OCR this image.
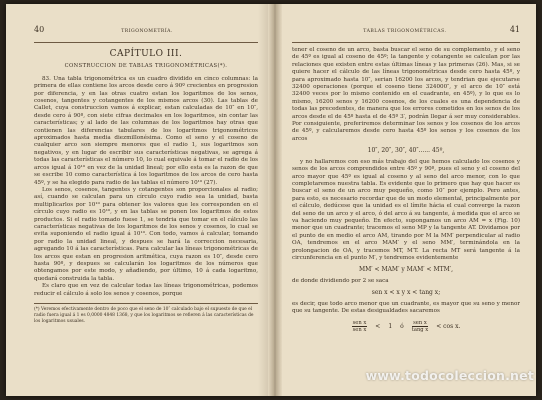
40	TRIGONOMETRÍA.
CAPÍTULO III.
CONSTRUCCION DE TABLAS TRIGONOMÉTRICAS(*).

83. Una tabla trigonométrica es un cuadro dividido en cinco columnas: la primera de ellas contiene los arcos desde cero á 90º crecientes en progresion por diferencia, y en las otras cuatro estan los logaritmos de los senos, cosenos, tangentes y cotangentes de los mismos arcos (30). Las tablas de Callet, cuya construccion vamos á explicar, estan calculadas de 10″ en 10″, desde cero á 90º, con siete cifras decimales en los logaritmos, sin contar las características; y al lado de las columnas de los logaritmos hay otras que contienen las diferencias tabulares de los logaritmos trigonométricos aproximados hasta media diezmillonésima. Como el seno y el coseno de cualquier arco son siempre menores que el radio 1, sus logaritmos son negativos, y en lugar de escribir sus características negativas, se agrega á todas las características el número 10, lo cual equivale á tomar el radio de los arcos igual á 10¹⁰ en vez de la unidad lineal; por ello esta es la razon de que se escribe 10 como característica á los logaritmos de los arcos de cero hasta 45º, y se ha elegido para radio de las tablas el número 10¹⁰ (27).

Los senos, cosenos, tangentes y cotangentes son proporcionales al radio; así, cuando se calculan para un círculo cuyo radio sea la unidad, basta multiplicarlos por 10¹⁰ para obtener los valores que les corresponden en el círculo cuyo radio es 10¹⁰, y en las tablas se ponen los logaritmos de estos productos. Si el radio tomado fuese 1, se tendria que tomar en el cálculo las características negativas de los logaritmos de los senos y cosenos, lo cual se evita suponiendo el radio igual á 10¹⁰. Con todo, vamos á calcular, tomando por radio la unidad lineal, y despues se hará la correccion necesaria, agregando 10 á las características. Para calcular las líneas trigonométricas de los arcos que estan en progresion aritmética, cuya razon es 10″, desde cero hasta 90º, y despues se calcularán los logaritmos de los números que obtengamos por este modo, y añadiendo, por último, 10 á cada logaritmo, quedará construida la tabla.

Es claro que en vez de calcular todas las líneas trigonométricas, podemos reducir el cálculo á solo los senos y cosenos, porque

(*) Veremos efectivamente dentro de poco que el seno de 10″ calculado bajo el supuesto de que el radio fuera igual á 1 es 0,0000 4848 1368, y que los logaritmos se refieren á las características de los logaritmos usuales.
TABLAS TRIGONOMÉTRICAS.	41

tener el coseno de un arco, basta buscar el seno de su complemento, y el seno de 45º es igual al coseno de 45º; la tangente y cotangente se calculan por las relaciones que existen entre estas últimas líneas y las primeras (26). Mas, si se quiere hacer el cálculo de las líneas trigonométricas desde cero hasta 45º, y para aproximado hasta 10″, serian 16200 los arcos, y tendrian que ejecutarse 32400 operaciones (porque el coseno tiene 324000″, y el arco de 10″ está 32400 veces por lo mismo contenido en el cuadrante, en 45º), y lo que es lo mismo, 16200 senos y 16200 cosenos, de los cuales es una dependencia de todas las precedentes, de manera que los errores cometidos en los senos de los arcos desde el de 45º hasta el de 45º 3′, podrán llegar á ser muy considerables. Por consiguiente, preferiremos determinar los senos y los cosenos de los arcos de 45º, y calcularemos desde cero hasta 45º los senos y los cosenos de los arcos

10″, 20″, 30″, 40″...... 45º,

y no hallaremos con eso más trabajo del que hemos calculado los cosenos y senos de los arcos comprendidos entre 45º y 90º, pues el seno y el coseno del arco mayor que 45º es igual al coseno y al seno del arco menor, con lo que completaremos nuestra tabla. Es evidente que lo primero que hay que hacer es buscar el seno de un arco muy pequeño, como 10″ por ejemplo. Pero antes, para esto, es necesario recordar que de un modo elemental, principalmente por el cálculo, dedúcese que la unidad es el límite hácia el cual converge la razon del seno de un arco y el arco, ó del arco á su tangente, á medida que el arco se va haciendo muy pequeño. En efecto, supongamos un arco AM = x (Fig. 10) menor que un cuadrante; tracemos el seno MP y la tangente AT. Dividamos por el punto de en medio el arco AM, tirando por M la MM′ perpendicular al radio OA, tendremos en el arco MAM′ y el seno MM′, terminándola en la prolongacion de OA, y tracemos MT, M′T. La recta MT será tangente á la circunferencia en el punto M′, y tendremos evidentemente

MM′ < MAM′ y MAM′ < MTM′,

de donde dividiendo por 2 se saca

sen x < x y x < tang x;

es decir, que todo arco menor que un cuadrante, es mayor que su seno y menor que su tangente. De estas desigualdades sacaremos

$\frac{\text{sen x}}{\text{sen x}} < 1$ ó $\frac{\text{sen x}}{\text{tang x}} < \cos x$.
www.todocoleccion.net
